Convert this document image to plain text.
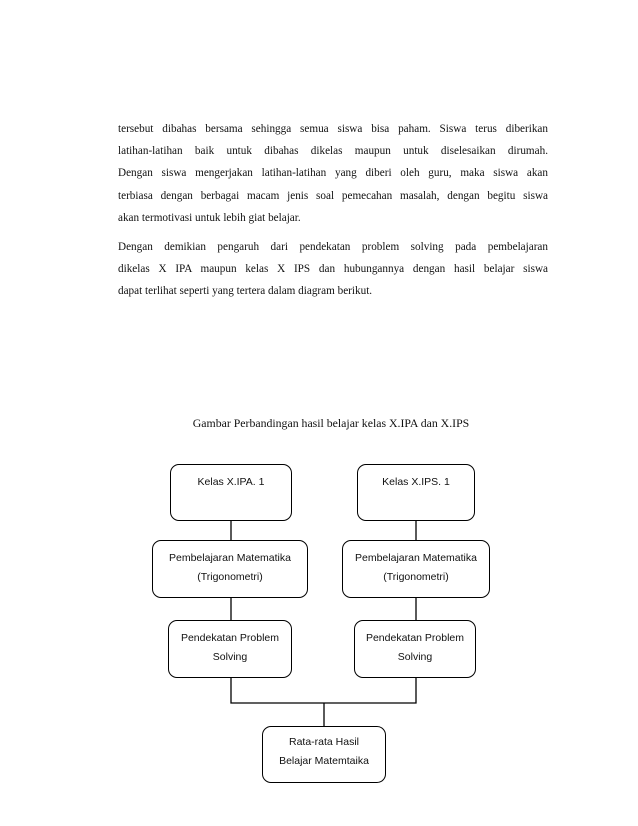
tersebut dibahas bersama sehingga semua siswa bisa paham. Siswa terus diberikan
latihan-latihan baik untuk dibahas dikelas maupun untuk diselesaikan dirumah.
Dengan siswa mengerjakan latihan-latihan yang diberi oleh guru, maka siswa akan
terbiasa dengan berbagai macam jenis soal pemecahan masalah, dengan begitu siswa
akan termotivasi untuk lebih giat belajar.
Dengan demikian pengaruh dari pendekatan problem solving pada pembelajaran
dikelas X IPA maupun kelas X IPS dan hubungannya dengan hasil belajar siswa
dapat terlihat seperti yang tertera dalam diagram berikut.
Gambar Perbandingan hasil belajar kelas X.IPA dan X.IPS
Kelas X.IPA. 1	Kelas X.IPS. 1
Pembelajaran Matematika
(Trigonometri)
Pembelajaran Matematika
(Trigonometri)
Pendekatan Problem
Solving
Pendekatan Problem
Solving
Rata-rata Hasil
Belajar Matemtaika
